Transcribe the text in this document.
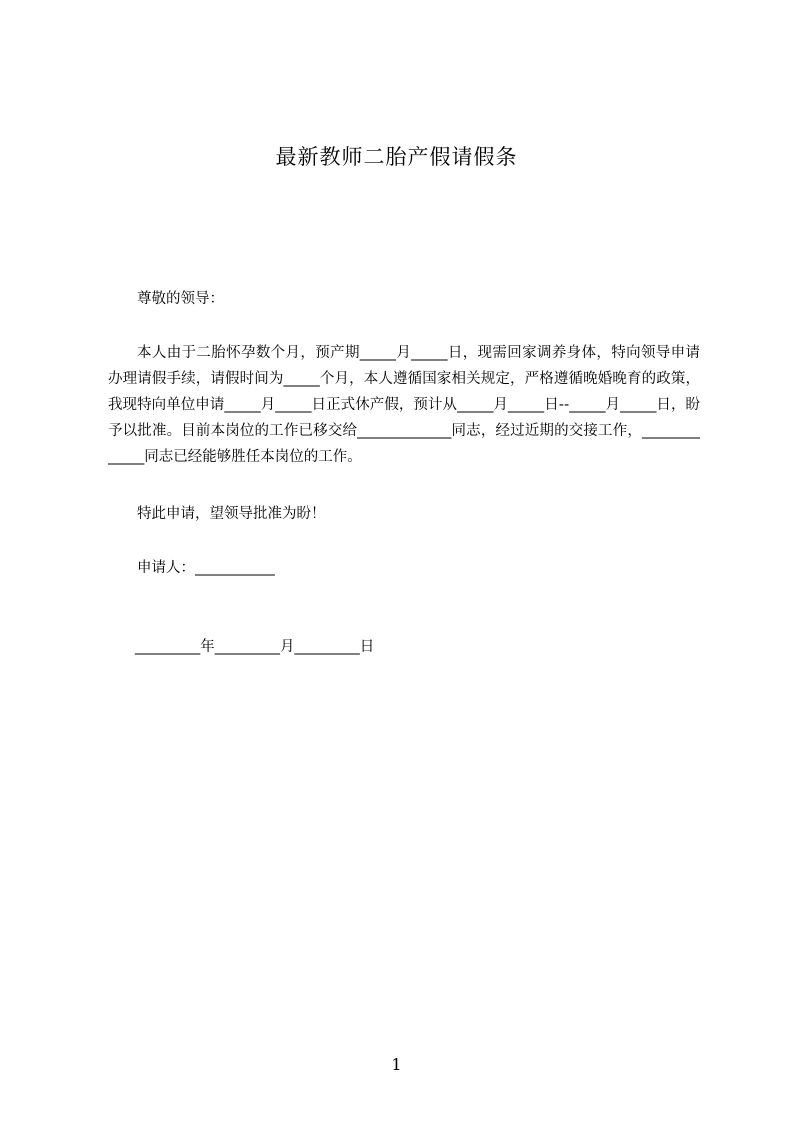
最新教师二胎产假请假条
尊敬的领导：
本人由于二胎怀孕数个月，预产期_____月_____日，现需回家调养身体，特向领导申请办理请假手续，请假时间为_____个月，本人遵循国家相关规定，严格遵循晚婚晚育的政策，我现特向单位申请_____月_____日正式休产假，预计从_____月_____日--_____月_____日，盼予以批准。目前本岗位的工作已移交给_____________同志，经过近期的交接工作，_____________同志已经能够胜任本岗位的工作。
特此申请，望领导批准为盼！
申请人：___________
_________年_________月_________日
1
